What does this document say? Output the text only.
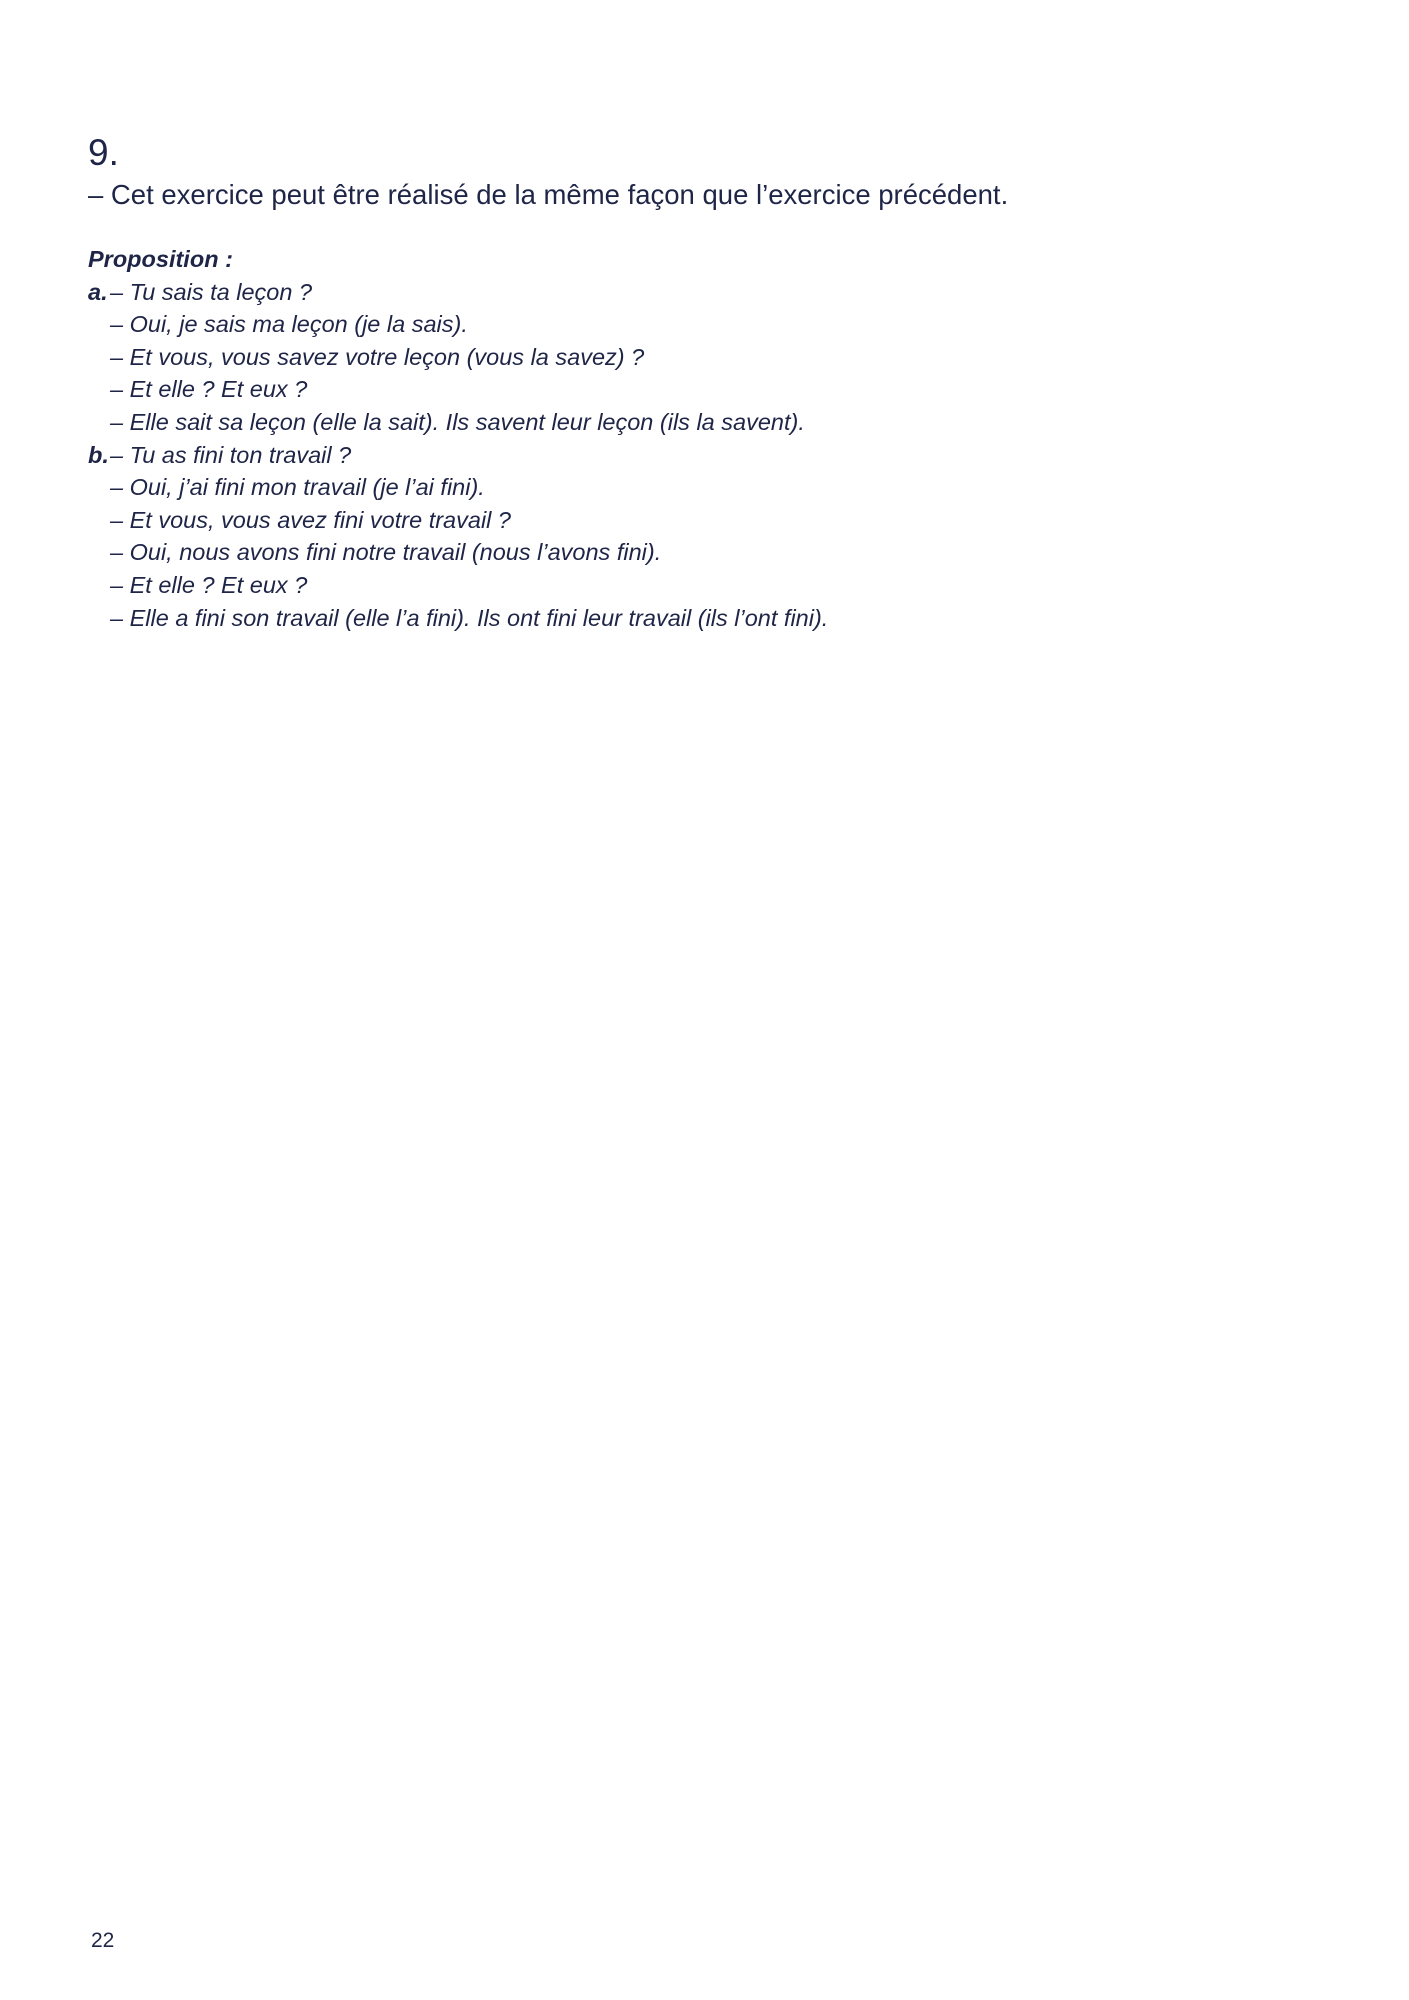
9.
– Cet exercice peut être réalisé de la même façon que l’exercice précédent.
Proposition :
a. – Tu sais ta leçon ?
– Oui, je sais ma leçon (je la sais).
– Et vous, vous savez votre leçon (vous la savez) ?
– Et elle ? Et eux ?
– Elle sait sa leçon (elle la sait). Ils savent leur leçon (ils la savent).
b.– Tu as fini ton travail ?
– Oui, j’ai fini mon travail (je l’ai fini).
– Et vous, vous avez fini votre travail ?
– Oui, nous avons fini notre travail (nous l’avons fini).
– Et elle ? Et eux ?
– Elle a fini son travail (elle l’a fini). Ils ont fini leur travail (ils l’ont fini).
22
